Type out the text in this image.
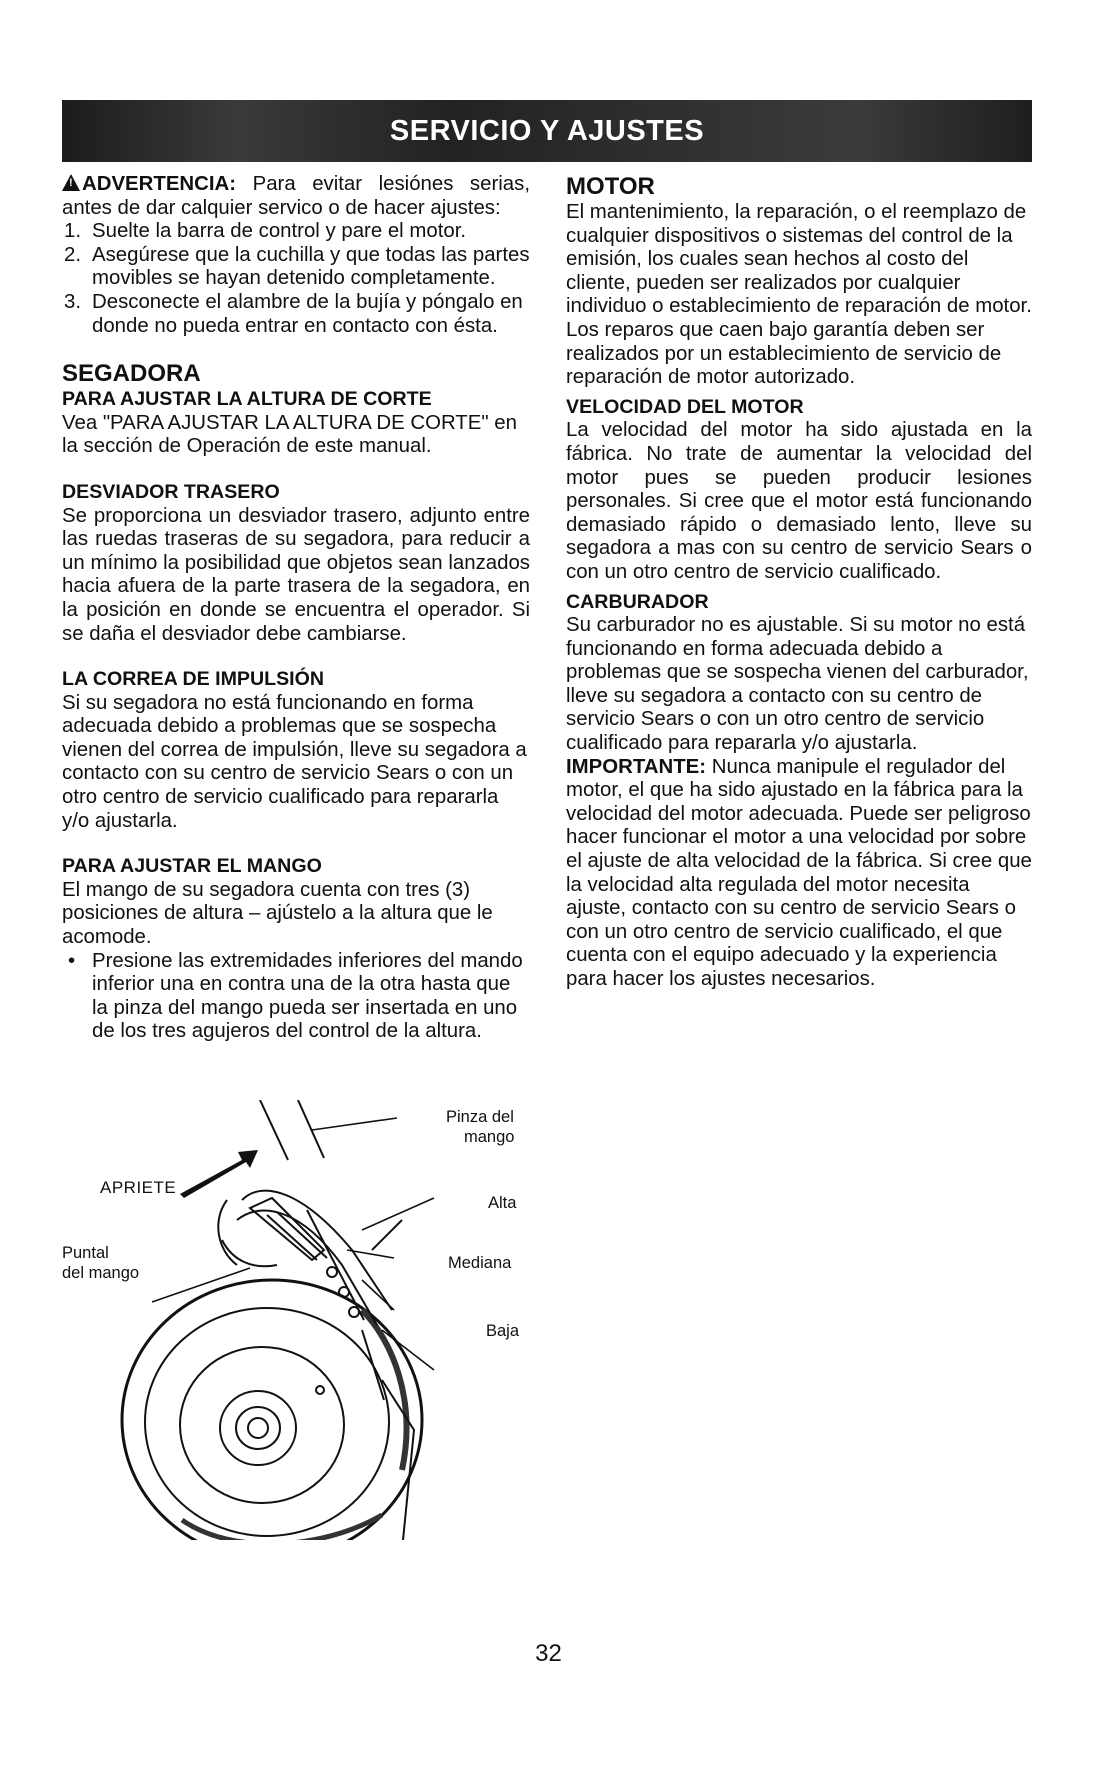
SERVICIO Y AJUSTES

! ADVERTENCIA: Para evitar lesiónes serias, antes de dar calquier servico o de hacer ajustes:

1. Suelte la barra de control y pare el motor.
2. Asegúrese que la cuchilla y que todas las partes movibles se hayan detenido completamente.
3. Desconecte el alambre de la bujía y póngalo en donde no pueda entrar en contacto con ésta.
SEGADORA
PARA AJUSTAR LA ALTURA DE CORTE

Vea "PARA AJUSTAR LA ALTURA DE CORTE" en la sección de Operación de este manual.

DESVIADOR TRASERO

Se proporciona un desviador trasero, adjunto entre las ruedas traseras de su segadora, para reducir a un mínimo la posibilidad que objetos sean lanzados hacia afuera de la parte trasera de la segadora, en la posición en donde se encuentra el operador. Si se daña el desviador debe cambiarse.

LA CORREA DE IMPULSIÓN

Si su segadora no está funcionando en forma adecuada debido a problemas que se sospecha vienen del correa de impulsión, lleve su segadora a contacto con su centro de servicio Sears o con un otro centro de servicio cualificado para repararla y/o ajustarla.

PARA AJUSTAR EL MANGO

El mango de su segadora cuenta con tres (3) posiciones de altura – ajústelo a la altura que le acomode.

• Presione las extremidades inferiores del mando inferior una en contra una de la otra hasta que la pinza del mango pueda ser insertada en uno de los tres agujeros del control de la altura.
MOTOR

El mantenimiento, la reparación, o el reemplazo de cualquier dispositivos o sistemas del control de la emisión, los cuales sean hechos al costo del cliente, pueden ser realizados por cualquier individuo o establecimiento de reparación de motor. Los reparos que caen bajo garantía deben ser realizados por un establecimiento de servicio de reparación de motor autorizado.

VELOCIDAD DEL MOTOR

La velocidad del motor ha sido ajustada en la fábrica. No trate de aumentar la velocidad del motor pues se pueden producir lesiones personales. Si cree que el motor está funcionando demasiado rápido o demasiado lento, lleve su segadora a mas con su centro de servicio Sears o con un otro centro de servicio cualificado.

CARBURADOR

Su carburador no es ajustable. Si su motor no está funcionando en forma adecuada debido a problemas que se sospecha vienen del carburador, lleve su segadora a contacto con su centro de servicio Sears o con un otro centro de servicio cualificado para repararla y/o ajustarla.

IMPORTANTE: Nunca manipule el regulador del motor, el que ha sido ajustado en la fábrica para la velocidad del motor adecuada. Puede ser peligroso hacer funcionar el motor a una velocidad por sobre el ajuste de alta velocidad de la fábrica. Si cree que la velocidad alta regulada del motor necesita ajuste, contacto con su centro de servicio Sears o con un otro centro de servicio cualificado, el que cuenta con el equipo adecuado y la experiencia para hacer los ajustes necesarios.

APRIETE
Pinza del
mango
Alta
Mediana
Baja
Puntal
del mango
32
